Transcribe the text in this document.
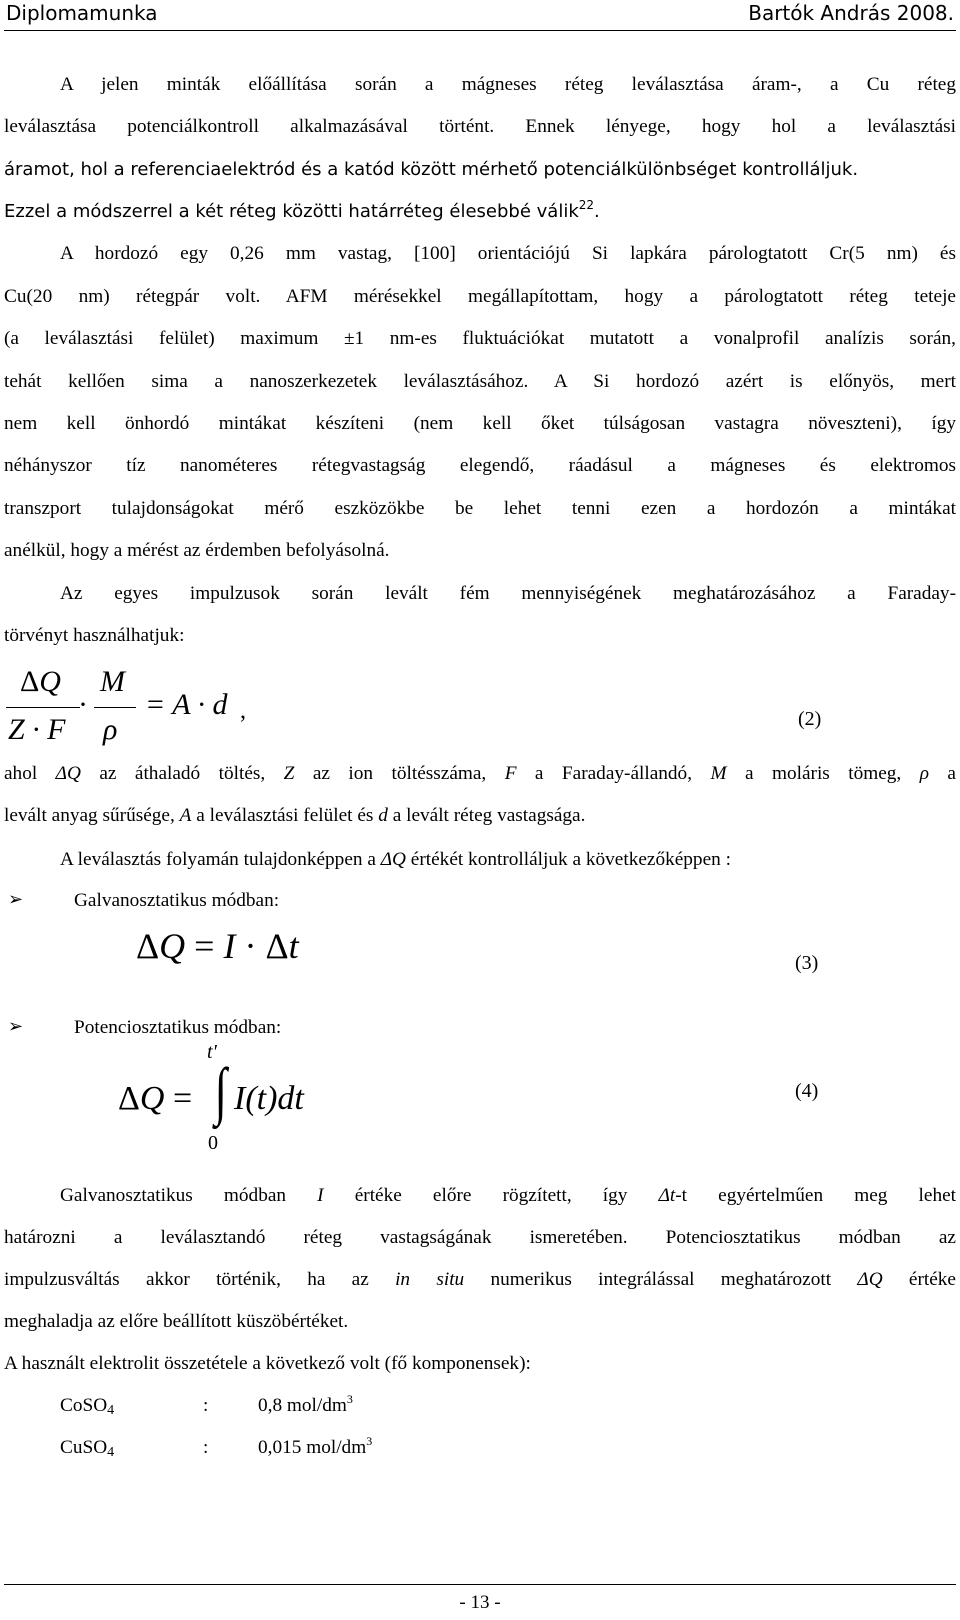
Diplomamunka	Bartók András 2008.
A jelen minták előállítása során a mágneses réteg leválasztása áram-, a Cu réteg
leválasztása potenciálkontroll alkalmazásával történt. Ennek lényege, hogy hol a leválasztási
áramot, hol a referenciaelektród és a katód között mérhető potenciálkülönbséget kontrolláljuk.
Ezzel a módszerrel a két réteg közötti határréteg élesebbé válik$^{22}$.
A hordozó egy 0,26 mm vastag, [100] orientációjú Si lapkára párologtatott Cr(5 nm) és
Cu(20 nm) rétegpár volt. AFM mérésekkel megállapítottam, hogy a párologtatott réteg teteje
(a leválasztási felület) maximum ±1 nm-es fluktuációkat mutatott a vonalprofil analízis során,
tehát kellően sima a nanoszerkezetek leválasztásához. A Si hordozó azért is előnyös, mert
nem kell önhordó mintákat készíteni (nem kell őket túlságosan vastagra növeszteni), így
néhányszor tíz nanométeres rétegvastagság elegendő, ráadásul a mágneses és elektromos
transzport tulajdonságokat mérő eszközökbe be lehet tenni ezen a hordozón a mintákat
anélkül, hogy a mérést az érdemben befolyásolná.
Az egyes impulzusok során levált fém mennyiségének meghatározásához a Faraday-
törvényt használhatjuk:
ΔQ
Z · F
·
M
ρ
= A · d ,	(2)
ahol ΔQ az áthaladó töltés, Z az ion töltésszáma, F a Faraday-állandó, M a moláris tömeg, ρ a
levált anyag sűrűsége, A a leválasztási felület és d a levált réteg vastagsága.
A leválasztás folyamán tulajdonképpen a ΔQ értékét kontrolláljuk a következőképpen :
➢	Galvanosztatikus módban:
ΔQ = I · Δt	(3)
➢	Potenciosztatikus módban:
ΔQ =
t'
∫
0
I(t)dt	(4)
Galvanosztatikus módban I értéke előre rögzített, így Δt-t egyértelműen meg lehet
határozni a leválasztandó réteg vastagságának ismeretében. Potenciosztatikus módban az
impulzusváltás akkor történik, ha az in situ numerikus integrálással meghatározott ΔQ értéke
meghaladja az előre beállított küszöbértéket.
A használt elektrolit összetétele a következő volt (fő komponensek):
CoSO$_4$	:	0,8 mol/$dm^3$
CuSO$_4$	:	0,015 mol/$dm^3$
- 13 -
